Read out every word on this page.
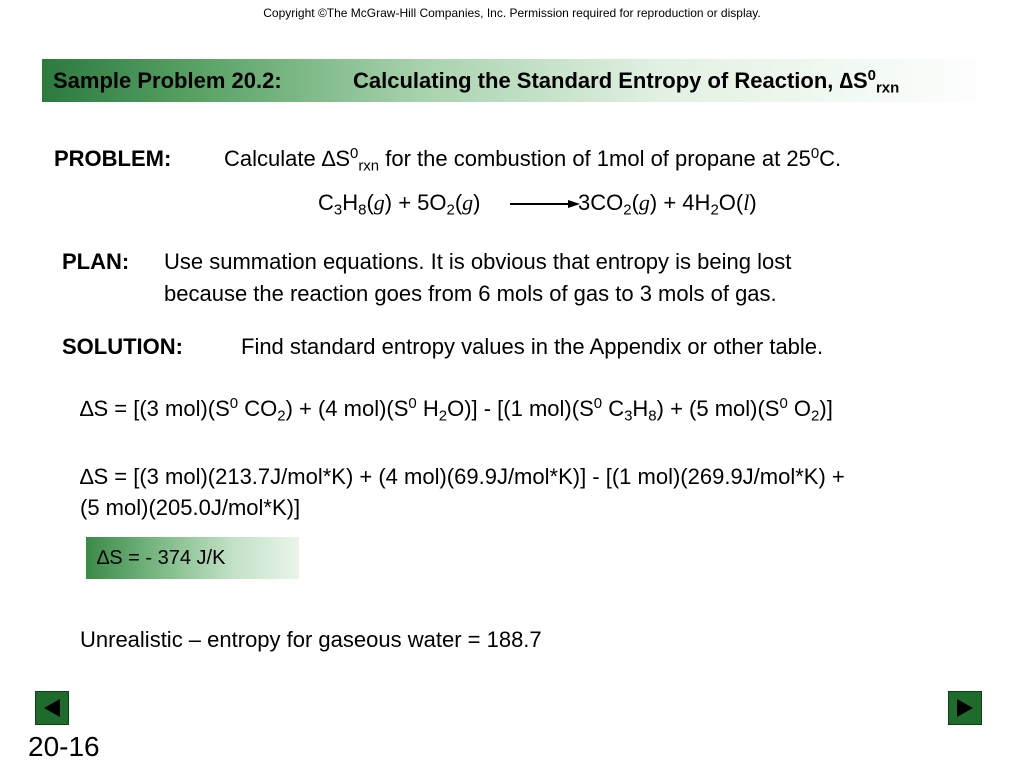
Copyright ©The McGraw-Hill Companies, Inc. Permission required for reproduction or display.
Sample Problem 20.2:	Calculating the Standard Entropy of Reaction, $\Delta S^0_{rxn}$
PROBLEM: Calculate $\Delta S^0_{rxn}$ for the combustion of 1mol of propane at $25^0C$.
$C_3H_8(g) + 5O_2(g)$	$3CO_2(g) + 4H_2O(l)$
PLAN: Use summation equations. It is obvious that entropy is being lost
because the reaction goes from 6 mols of gas to 3 mols of gas.
SOLUTION:	Find standard entropy values in the Appendix or other table.
∆S = [(3 $mol)(S^0$ $CO_2) + (4$ $mol)(S^0$ $H_2O)] - [(1$ $mol)(S^0$ $C_3H_8) + (5$ $mol)(S^0$ $O_2$)]
∆S = [(3 mol)(213.7J/mol*K) + (4 mol)(69.9J/mol*K)] - [(1 mol)(269.9J/mol*K) +
(5 mol)(205.0J/mol*K)]
∆S = - 374 J/K
Unrealistic – entropy for gaseous water = 188.7
20-16
